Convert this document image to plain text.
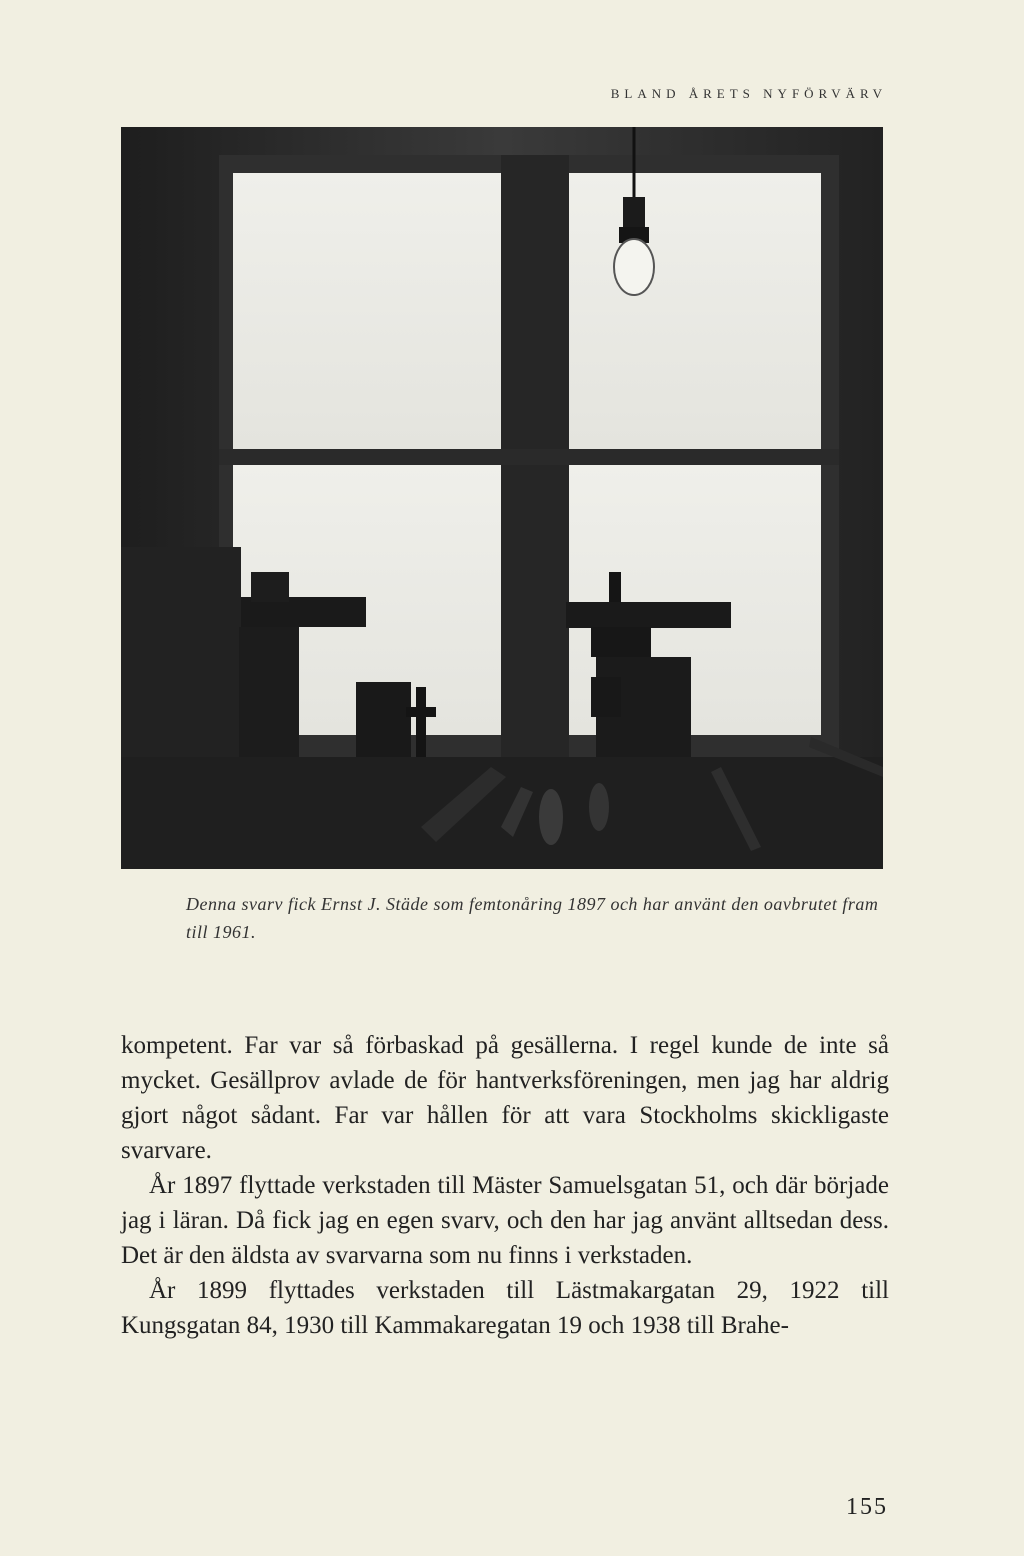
BLAND ÅRETS NYFÖRVÄRV
Denna svarv fick Ernst J. Städe som femtonåring 1897 och har använt den oavbrutet fram till 1961.

kompetent. Far var så förbaskad på gesällerna. I regel kunde de inte så mycket. Gesällprov avlade de för hantverksföreningen, men jag har aldrig gjort något sådant. Far var hållen för att vara Stockholms skickligaste svarvare.

År 1897 flyttade verkstaden till Mäster Samuelsgatan 51, och där började jag i läran. Då fick jag en egen svarv, och den har jag använt alltsedan dess. Det är den äldsta av svarvarna som nu finns i verkstaden.

År 1899 flyttades verkstaden till Lästmakargatan 29, 1922 till Kungsgatan 84, 1930 till Kammakaregatan 19 och 1938 till Brahe-

155
